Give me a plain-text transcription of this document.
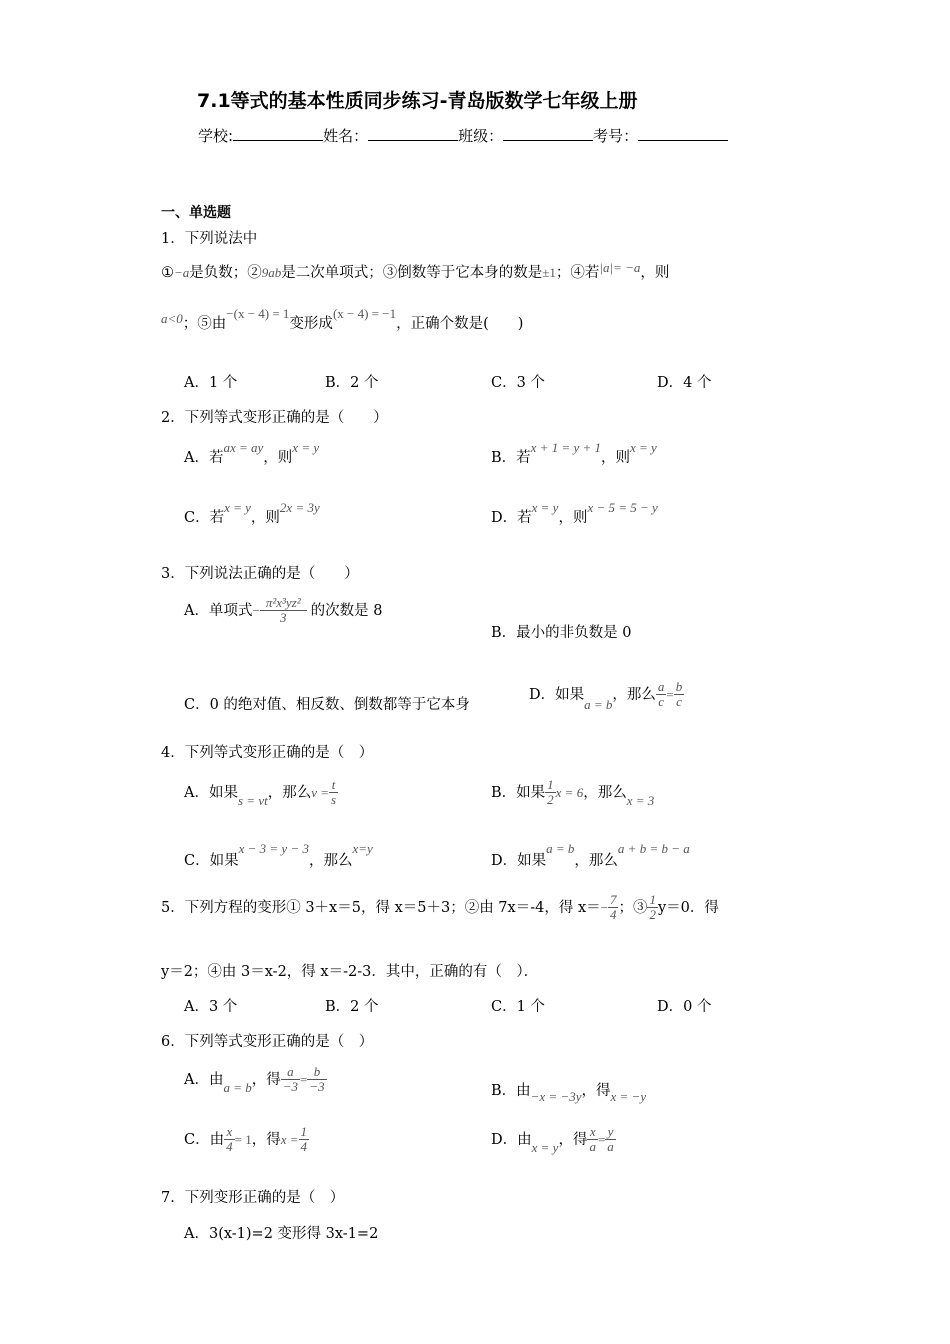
7.1等式的基本性质同步练习-青岛版数学七年级上册
学校:	姓名：	班级：	考号：
一、单选题
1．下列说法中
①−a是负数；②9ab是二次单项式；③倒数等于它本身的数是±1；④若|a|= −a，则
a<0；⑤由−(x − 4) = 1变形成(x − 4) = −1，正确个数是(　　)
A．1 个	B．2 个	C．3 个	D．4 个
2．下列等式变形正确的是（　　）
A．若ax = ay，则x = y
B．若x + 1 = y + 1，则x = y
C．若x = y，则2x = 3y
D．若x = y，则x − 5 = 5 − y
3．下列说法正确的是（　　）
A．单项式− $\frac{\text{π²x³yz²}}{3}$ 的次数是 8
B．最小的非负数是 0
C．0 的绝对值、相反数、倒数都等于它本身
D．如果a = b，那么 $\frac{a}{c} = \frac{b}{c}$
4．下列等式变形正确的是（　）
A．如果s = vt，那么$v = \frac{t}{s}$	B．如果 $\frac{1}{2}$ x = 6，那么x = 3
C．如果x − 3 = y − 3，那么x=y
D．如果a = b，那么a + b = b − a
5．下列方程的变形① 3＋x＝5，得 x＝5＋3；②由 7x＝-4，得 $x=- \frac{7}{4}$ ；③ $\frac{1}{2} y=0$．得
y＝2；④由 3＝x-2，得 x＝-2-3．其中，正确的有（　）．
A．3 个	B．2 个	C．1 个	D．0 个
6．下列等式变形正确的是（　）
A．由a = b，得 $\frac{a}{-3} = \frac{b}{-3}$	B．由−x = −3y，得x = −y
C．由 $\frac{x}{4} = 1$，得$x = \frac{1}{4}$	D．由x = y，得 $\frac{x}{a} = \frac{y}{a}$
7．下列变形正确的是（　）
A．3(x-1)=2 变形得 3x-1=2
